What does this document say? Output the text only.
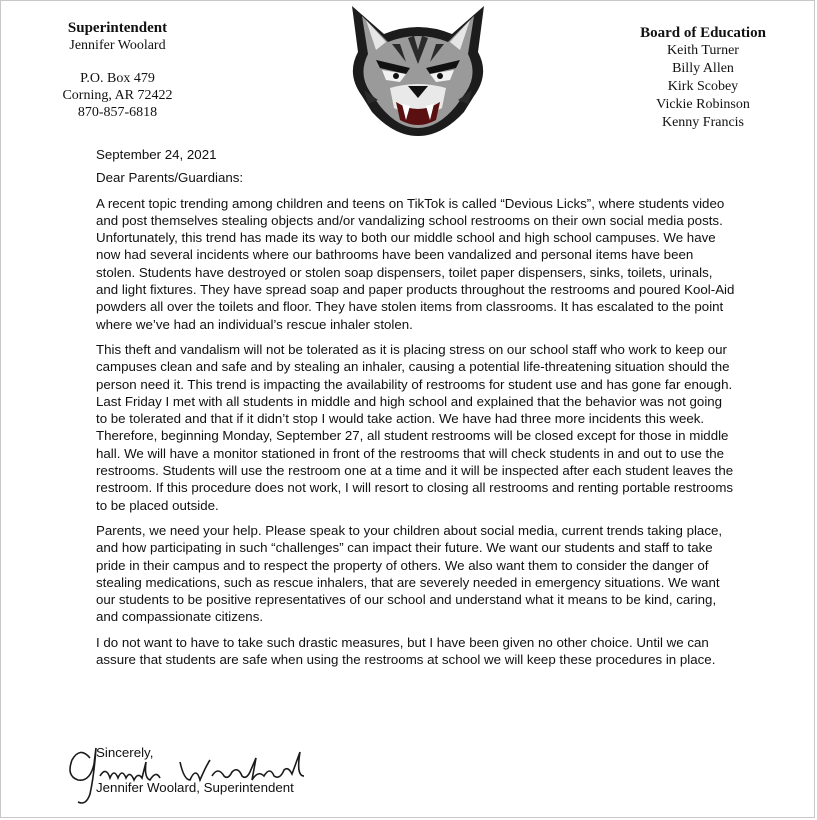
Superintendent
Jennifer Woolard
P.O. Box 479
Corning, AR 72422
870-857-6818
Board of Education
Keith Turner
Billy Allen
Kirk Scobey
Vickie Robinson
Kenny Francis

September 24, 2021

Dear Parents/Guardians:

A recent topic trending among children and teens on TikTok is called “Devious Licks”, where students video and post themselves stealing objects and/or vandalizing school restrooms on their own social media posts. Unfortunately, this trend has made its way to both our middle school and high school campuses. We have now had several incidents where our bathrooms have been vandalized and personal items have been stolen. Students have destroyed or stolen soap dispensers, toilet paper dispensers, sinks, toilets, urinals, and light fixtures. They have spread soap and paper products throughout the restrooms and poured Kool-Aid powders all over the toilets and floor. They have stolen items from classrooms. It has escalated to the point where we’ve had an individual’s rescue inhaler stolen.

This theft and vandalism will not be tolerated as it is placing stress on our school staff who work to keep our campuses clean and safe and by stealing an inhaler, causing a potential life-threatening situation should the person need it. This trend is impacting the availability of restrooms for student use and has gone far enough. Last Friday I met with all students in middle and high school and explained that the behavior was not going to be tolerated and that if it didn’t stop I would take action. We have had three more incidents this week. Therefore, beginning Monday, September 27, all student restrooms will be closed except for those in middle hall. We will have a monitor stationed in front of the restrooms that will check students in and out to use the restrooms. Students will use the restroom one at a time and it will be inspected after each student leaves the restroom. If this procedure does not work, I will resort to closing all restrooms and renting portable restrooms to be placed outside.

Parents, we need your help. Please speak to your children about social media, current trends taking place, and how participating in such “challenges” can impact their future. We want our students and staff to take pride in their campus and to respect the property of others. We also want them to consider the danger of stealing medications, such as rescue inhalers, that are severely needed in emergency situations. We want our students to be positive representatives of our school and understand what it means to be kind, caring, and compassionate citizens.

I do not want to have to take such drastic measures, but I have been given no other choice. Until we can assure that students are safe when using the restrooms at school we will keep these procedures in place.

Sincerely,
Jennifer Woolard, Superintendent
